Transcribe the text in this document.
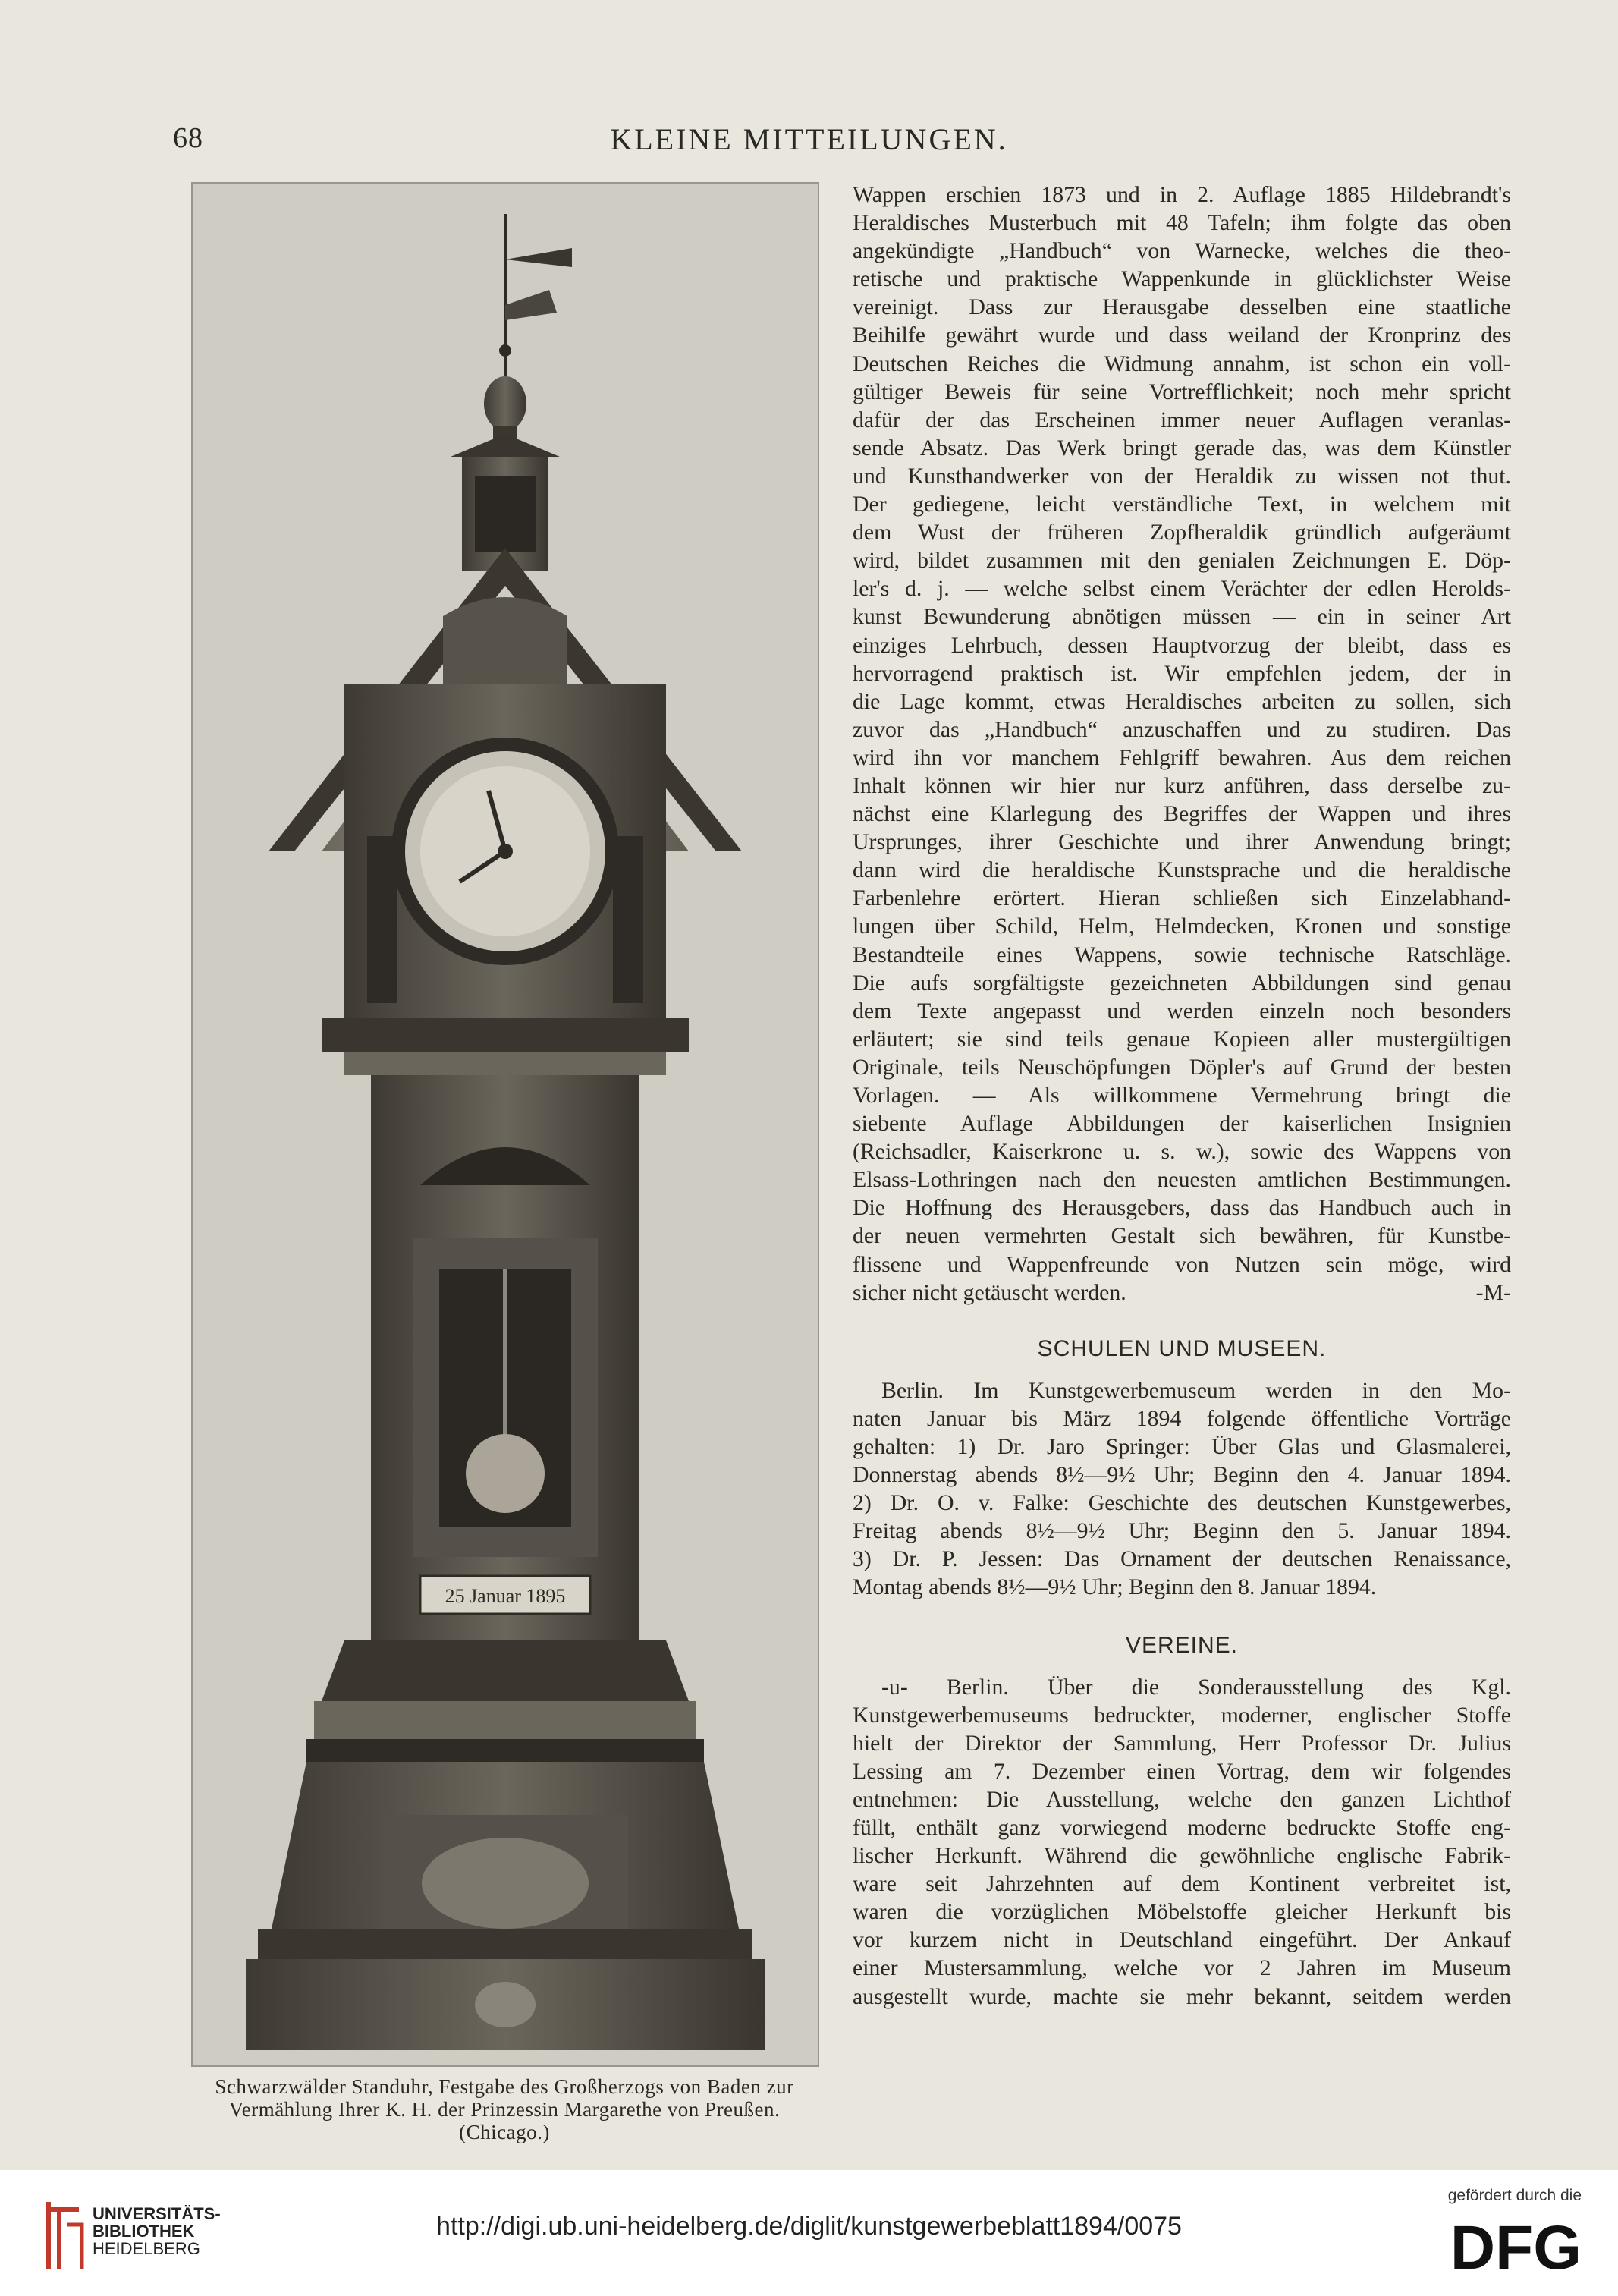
68	KLEINE MITTEILUNGEN.
25 Januar 1895
Schwarzwälder Standuhr, Festgabe des Großherzogs von Baden zur
Vermählung Ihrer K. H. der Prinzessin Margarethe von Preußen.
(Chicago.)
Wappen erschien 1873 und in 2. Auflage 1885 Hildebrandt's
Heraldisches Musterbuch mit 48 Tafeln; ihm folgte das oben
angekündigte „Handbuch“ von Warnecke, welches die theo-
retische und praktische Wappenkunde in glücklichster Weise
vereinigt. Dass zur Herausgabe desselben eine staatliche
Beihilfe gewährt wurde und dass weiland der Kronprinz des
Deutschen Reiches die Widmung annahm, ist schon ein voll-
gültiger Beweis für seine Vortrefflichkeit; noch mehr spricht
dafür der das Erscheinen immer neuer Auflagen veranlas-
sende Absatz. Das Werk bringt gerade das, was dem Künstler
und Kunsthandwerker von der Heraldik zu wissen not thut.
Der gediegene, leicht verständliche Text, in welchem mit
dem Wust der früheren Zopfheraldik gründlich aufgeräumt
wird, bildet zusammen mit den genialen Zeichnungen E. Döp-
ler's d. j. — welche selbst einem Verächter der edlen Herolds-
kunst Bewunderung abnötigen müssen — ein in seiner Art
einziges Lehrbuch, dessen Hauptvorzug der bleibt, dass es
hervorragend praktisch ist. Wir empfehlen jedem, der in
die Lage kommt, etwas Heraldisches arbeiten zu sollen, sich
zuvor das „Handbuch“ anzuschaffen und zu studiren. Das
wird ihn vor manchem Fehlgriff bewahren. Aus dem reichen
Inhalt können wir hier nur kurz anführen, dass derselbe zu-
nächst eine Klarlegung des Begriffes der Wappen und ihres
Ursprunges, ihrer Geschichte und ihrer Anwendung bringt;
dann wird die heraldische Kunstsprache und die heraldische
Farbenlehre erörtert. Hieran schließen sich Einzelabhand-
lungen über Schild, Helm, Helmdecken, Kronen und sonstige
Bestandteile eines Wappens, sowie technische Ratschläge.
Die aufs sorgfältigste gezeichneten Abbildungen sind genau
dem Texte angepasst und werden einzeln noch besonders
erläutert; sie sind teils genaue Kopieen aller mustergültigen
Originale, teils Neuschöpfungen Döpler's auf Grund der besten
Vorlagen. — Als willkommene Vermehrung bringt die
siebente Auflage Abbildungen der kaiserlichen Insignien
(Reichsadler, Kaiserkrone u. s. w.), sowie des Wappens von
Elsass-Lothringen nach den neuesten amtlichen Bestimmungen.
Die Hoffnung des Herausgebers, dass das Handbuch auch in
der neuen vermehrten Gestalt sich bewähren, für Kunstbe-
flissene und Wappenfreunde von Nutzen sein möge, wird
sicher nicht getäuscht werden.	-M-
SCHULEN UND MUSEEN.
Berlin. Im Kunstgewerbemuseum werden in den Mo-
naten Januar bis März 1894 folgende öffentliche Vorträge
gehalten: 1) Dr. Jaro Springer: Über Glas und Glasmalerei,
Donnerstag abends 8½—9½ Uhr; Beginn den 4. Januar 1894.
2) Dr. O. v. Falke: Geschichte des deutschen Kunstgewerbes,
Freitag abends 8½—9½ Uhr; Beginn den 5. Januar 1894.
3) Dr. P. Jessen: Das Ornament der deutschen Renaissance,
Montag abends 8½—9½ Uhr; Beginn den 8. Januar 1894.
VEREINE.
-u- Berlin. Über die Sonderausstellung des Kgl.
Kunstgewerbemuseums bedruckter, moderner, englischer Stoffe
hielt der Direktor der Sammlung, Herr Professor Dr. Julius
Lessing am 7. Dezember einen Vortrag, dem wir folgendes
entnehmen: Die Ausstellung, welche den ganzen Lichthof
füllt, enthält ganz vorwiegend moderne bedruckte Stoffe eng-
lischer Herkunft. Während die gewöhnliche englische Fabrik-
ware seit Jahrzehnten auf dem Kontinent verbreitet ist,
waren die vorzüglichen Möbelstoffe gleicher Herkunft bis
vor kurzem nicht in Deutschland eingeführt. Der Ankauf
einer Mustersammlung, welche vor 2 Jahren im Museum
ausgestellt wurde, machte sie mehr bekannt, seitdem werden
UNIVERSITÄTS-
BIBLIOTHEK
HEIDELBERG
http://digi.ub.uni-heidelberg.de/diglit/kunstgewerbeblatt1894/0075
gefördert durch die
DFG
